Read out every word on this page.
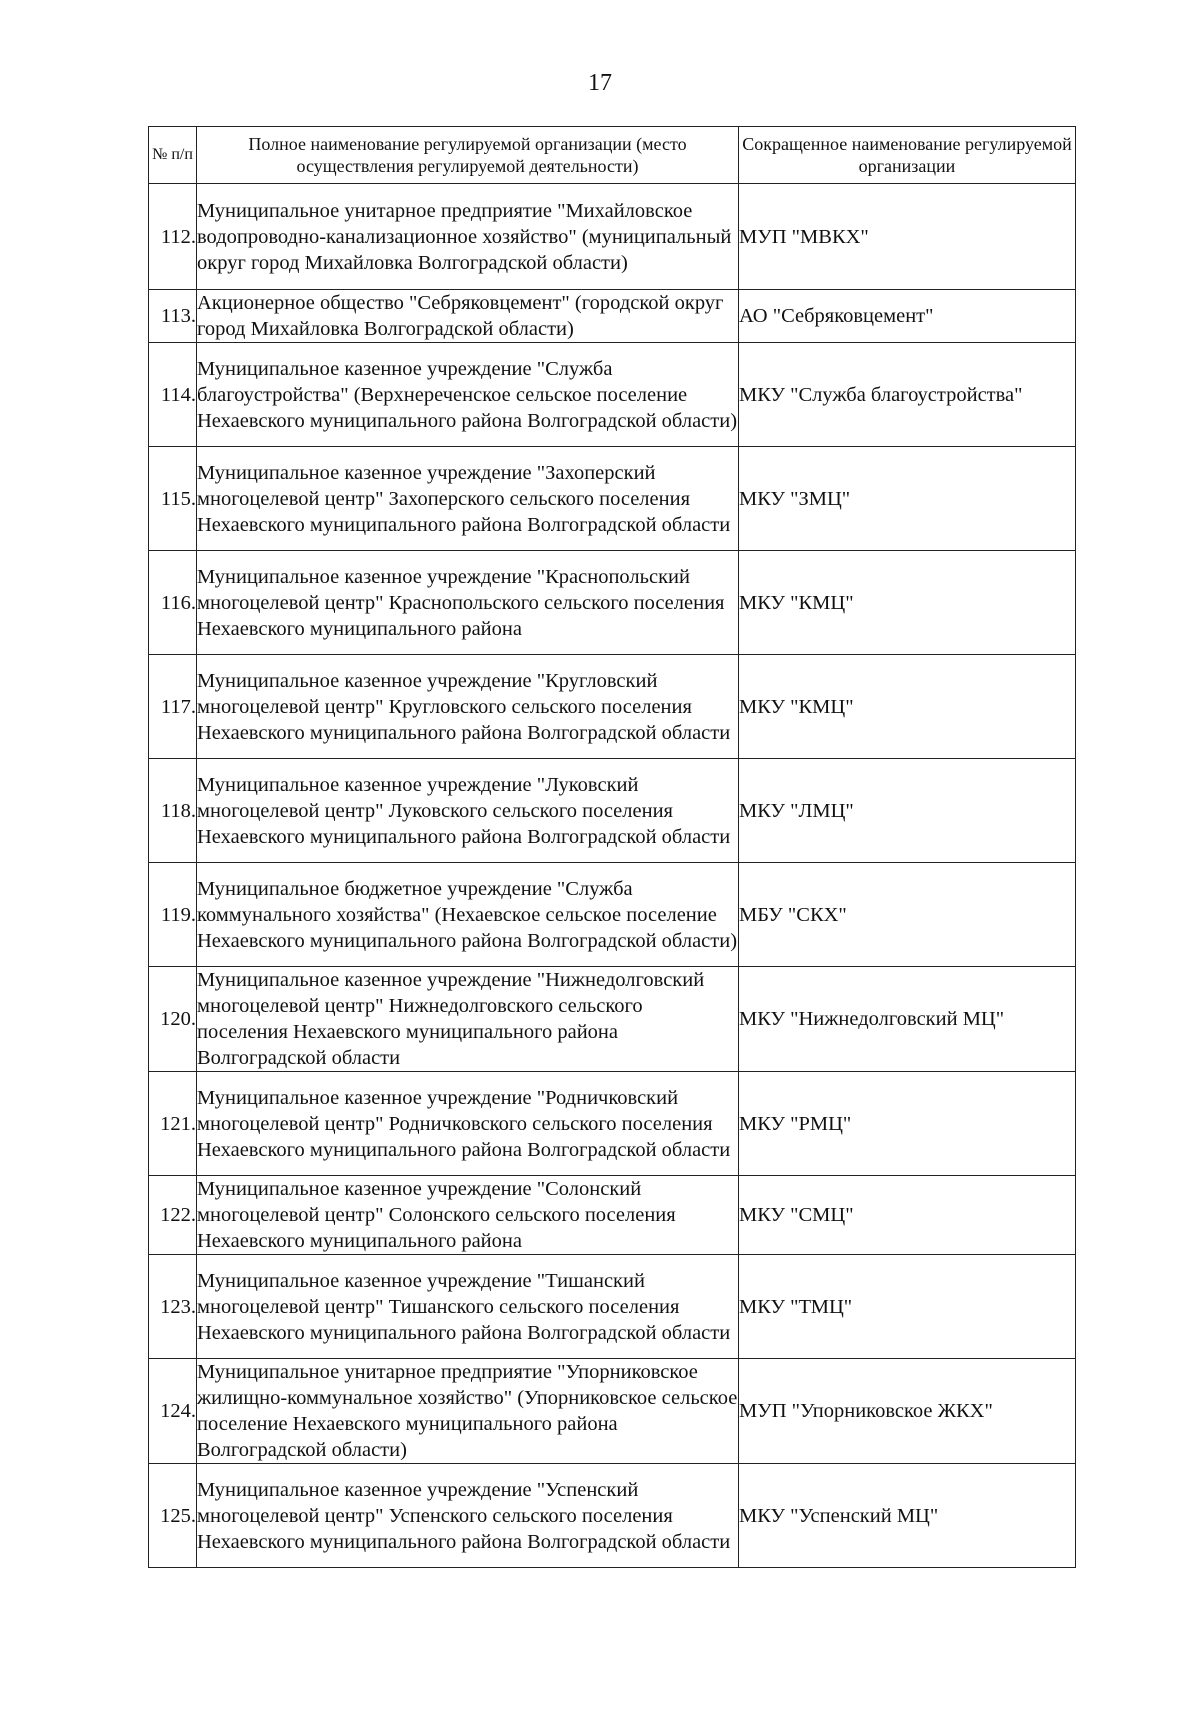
17
№ п/п	Полное наименование регулируемой организации (место осуществления регулируемой деятельности)	Сокращенное наименование регулируемой организации
112.	Муниципальное унитарное предприятие "Михайловское водопроводно-канализационное хозяйство" (муниципальный округ город Михайловка Волгоградской области)	МУП "МВКХ"
113.	Акционерное общество "Себряковцемент" (городской округ город Михайловка Волгоградской области)	АО "Себряковцемент"
114.	Муниципальное казенное учреждение "Служба благоустройства" (Верхнереченское сельское поселение Нехаевского муниципального района Волгоградской области)	МКУ "Служба благоустройства"
115.	Муниципальное казенное учреждение "Захоперский многоцелевой центр" Захоперского сельского поселения Нехаевского муниципального района Волгоградской области	МКУ "ЗМЦ"
116.	Муниципальное казенное учреждение "Краснопольский многоцелевой центр" Краснопольского сельского поселения Нехаевского муниципального района	МКУ "КМЦ"
117.	Муниципальное казенное учреждение "Кругловский многоцелевой центр" Кругловского сельского поселения Нехаевского муниципального района Волгоградской области	МКУ "КМЦ"
118.	Муниципальное казенное учреждение "Луковский многоцелевой центр" Луковского сельского поселения Нехаевского муниципального района Волгоградской области	МКУ "ЛМЦ"
119.	Муниципальное бюджетное учреждение "Служба коммунального хозяйства" (Нехаевское сельское поселение Нехаевского муниципального района Волгоградской области)	МБУ "СКХ"
120.	Муниципальное казенное учреждение "Нижнедолговский многоцелевой центр" Нижнедолговского сельского поселения Нехаевского муниципального района Волгоградской области	МКУ "Нижнедолговский МЦ"
121.	Муниципальное казенное учреждение "Родничковский многоцелевой центр" Родничковского сельского поселения Нехаевского муниципального района Волгоградской области	МКУ "РМЦ"
122.	Муниципальное казенное учреждение "Солонский многоцелевой центр" Солонского сельского поселения Нехаевского муниципального района	МКУ "СМЦ"
123.	Муниципальное казенное учреждение "Тишанский многоцелевой центр" Тишанского сельского поселения Нехаевского муниципального района Волгоградской области	МКУ "ТМЦ"
124.	Муниципальное унитарное предприятие "Упорниковское жилищно-коммунальное хозяйство" (Упорниковское сельское поселение Нехаевского муниципального района Волгоградской области)	МУП "Упорниковское ЖКХ"
125.	Муниципальное казенное учреждение "Успенский многоцелевой центр" Успенского сельского поселения Нехаевского муниципального района Волгоградской области	МКУ "Успенский МЦ"
